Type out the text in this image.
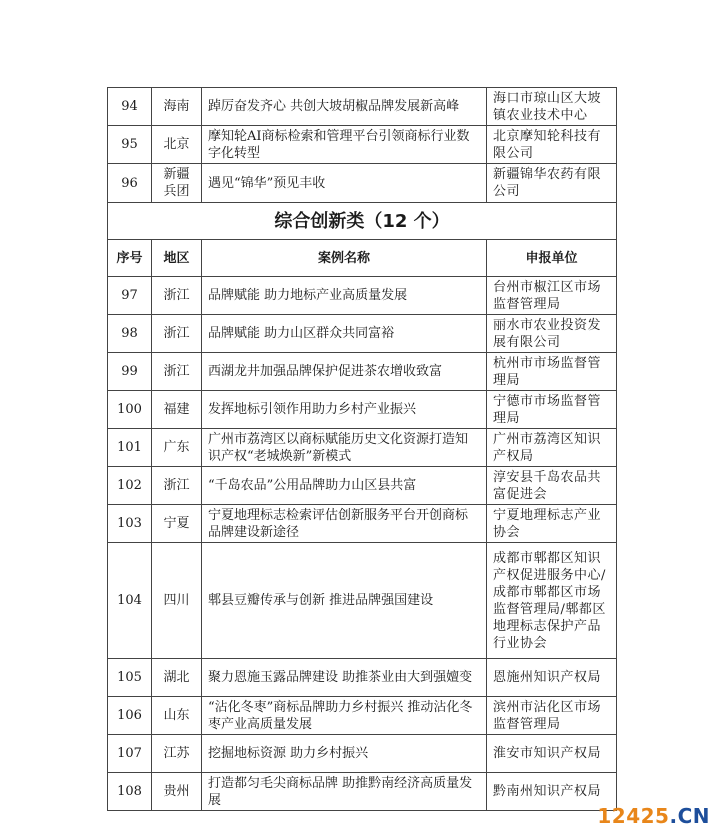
94	海南	踔厉奋发齐心 共创大坡胡椒品牌发展新高峰	海口市琼山区大坡镇农业技术中心
95	北京	摩知轮AI商标检索和管理平台引领商标行业数字化转型	北京摩知轮科技有限公司
96	新疆兵团	遇见“锦华”预见丰收	新疆锦华农药有限公司
综合创新类（12 个）			
序号	地区	案例名称	申报单位
97	浙江	品牌赋能 助力地标产业高质量发展	台州市椒江区市场监督管理局
98	浙江	品牌赋能 助力山区群众共同富裕	丽水市农业投资发展有限公司
99	浙江	西湖龙井加强品牌保护促进茶农增收致富	杭州市市场监督管理局
100	福建	发挥地标引领作用助力乡村产业振兴	宁德市市场监督管理局
101	广东	广州市荔湾区以商标赋能历史文化资源打造知识产权“老城焕新”新模式	广州市荔湾区知识产权局
102	浙江	“千岛农品”公用品牌助力山区县共富	淳安县千岛农品共富促进会
103	宁夏	宁夏地理标志检索评估创新服务平台开创商标品牌建设新途径	宁夏地理标志产业协会
104	四川	郫县豆瓣传承与创新 推进品牌强国建设	成都市郫都区知识产权促进服务中心/成都市郫都区市场监督管理局/郫都区地理标志保护产品行业协会
105	湖北	聚力恩施玉露品牌建设 助推茶业由大到强嬗变	恩施州知识产权局
106	山东	“沾化冬枣”商标品牌助力乡村振兴 推动沾化冬枣产业高质量发展	滨州市沾化区市场监督管理局
107	江苏	挖掘地标资源 助力乡村振兴	淮安市知识产权局
108	贵州	打造都匀毛尖商标品牌 助推黔南经济高质量发展	黔南州知识产权局
12425.CN
